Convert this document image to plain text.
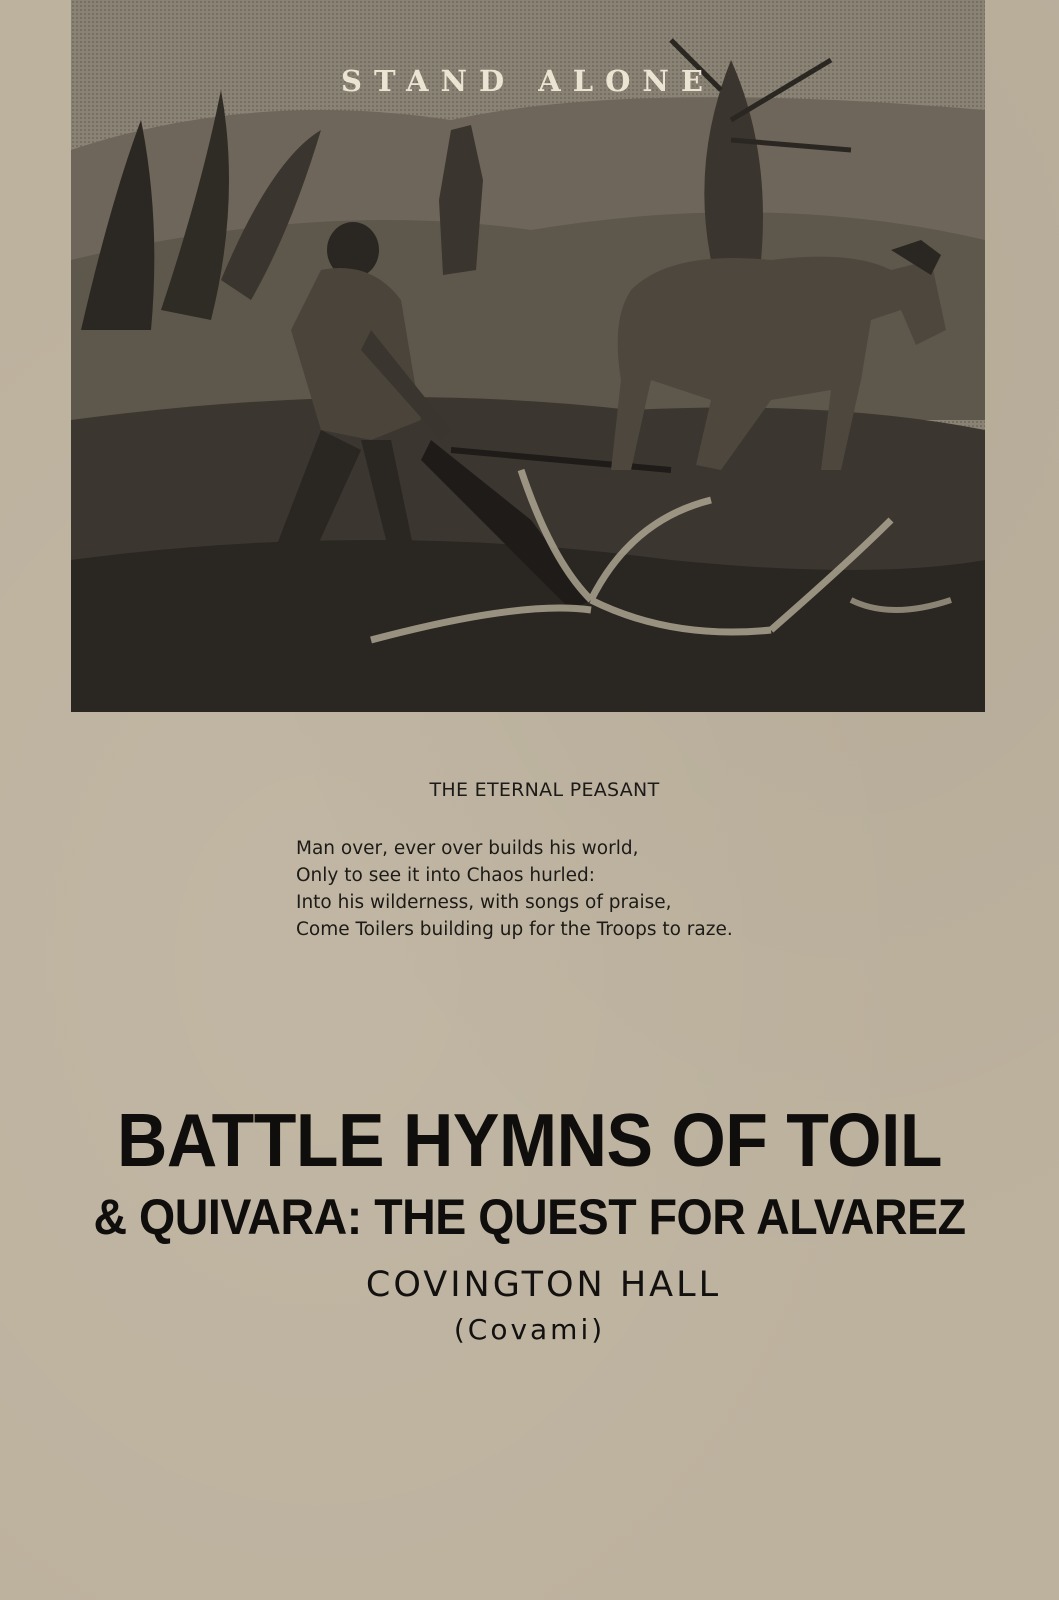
STAND ALONE
THE ETERNAL PEASANT
Man over, ever over builds his world,
Only to see it into Chaos hurled:
Into his wilderness, with songs of praise,
Come Toilers building up for the Troops to raze.
BATTLE HYMNS OF TOIL
& QUIVARA: THE QUEST FOR ALVAREZ
COVINGTON HALL
(Covami)
